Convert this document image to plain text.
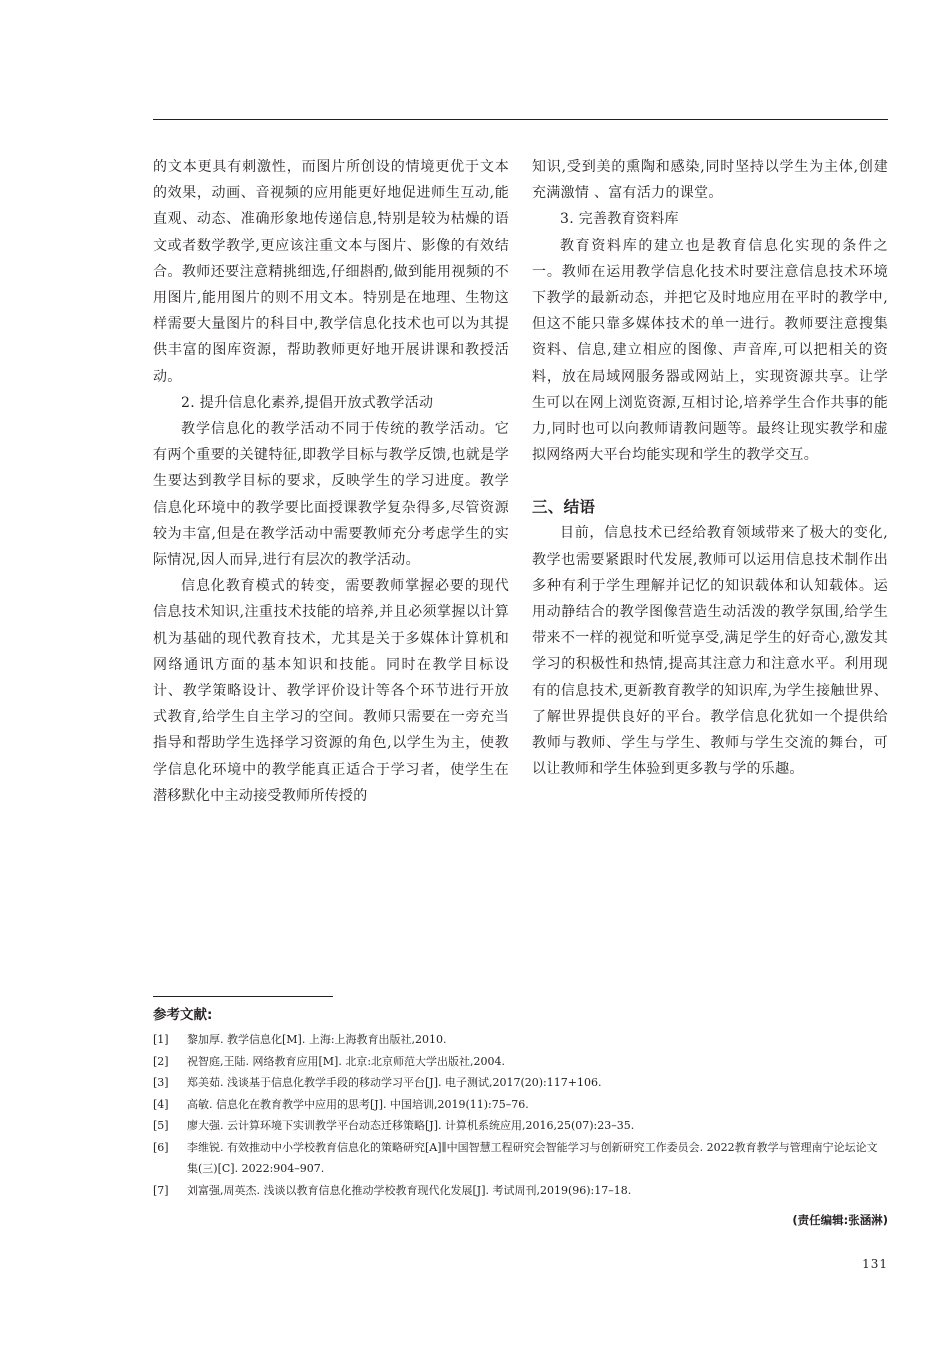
的文本更具有刺激性，而图片所创设的情境更优于文本的效果，动画、音视频的应用能更好地促进师生互动,能直观、动态、准确形象地传递信息,特别是较为枯燥的语文或者数学教学,更应该注重文本与图片、影像的有效结合。教师还要注意精挑细选,仔细斟酌,做到能用视频的不用图片,能用图片的则不用文本。特别是在地理、生物这样需要大量图片的科目中,教学信息化技术也可以为其提供丰富的图库资源，帮助教师更好地开展讲课和教授活动。

2. 提升信息化素养,提倡开放式教学活动

教学信息化的教学活动不同于传统的教学活动。它有两个重要的关键特征,即教学目标与教学反馈,也就是学生要达到教学目标的要求，反映学生的学习进度。教学信息化环境中的教学要比面授课教学复杂得多,尽管资源较为丰富,但是在教学活动中需要教师充分考虑学生的实际情况,因人而异,进行有层次的教学活动。

信息化教育模式的转变，需要教师掌握必要的现代信息技术知识,注重技术技能的培养,并且必须掌握以计算机为基础的现代教育技术，尤其是关于多媒体计算机和网络通讯方面的基本知识和技能。同时在教学目标设计、教学策略设计、教学评价设计等各个环节进行开放式教育,给学生自主学习的空间。教师只需要在一旁充当指导和帮助学生选择学习资源的角色,以学生为主，使教学信息化环境中的教学能真正适合于学习者，使学生在潜移默化中主动接受教师所传授的

知识,受到美的熏陶和感染,同时坚持以学生为主体,创建充满激情 、富有活力的课堂。

3. 完善教育资料库

教育资料库的建立也是教育信息化实现的条件之一。教师在运用教学信息化技术时要注意信息技术环境下教学的最新动态，并把它及时地应用在平时的教学中,但这不能只靠多媒体技术的单一进行。教师要注意搜集资料、信息,建立相应的图像、声音库,可以把相关的资料，放在局域网服务器或网站上，实现资源共享。让学生可以在网上浏览资源,互相讨论,培养学生合作共事的能力,同时也可以向教师请教问题等。最终让现实教学和虚拟网络两大平台均能实现和学生的教学交互。

三、结语

目前，信息技术已经给教育领域带来了极大的变化,教学也需要紧跟时代发展,教师可以运用信息技术制作出多种有利于学生理解并记忆的知识载体和认知载体。运用动静结合的教学图像营造生动活泼的教学氛围,给学生带来不一样的视觉和听觉享受,满足学生的好奇心,激发其学习的积极性和热情,提高其注意力和注意水平。利用现有的信息技术,更新教育教学的知识库,为学生接触世界、了解世界提供良好的平台。教学信息化犹如一个提供给教师与教师、学生与学生、教师与学生交流的舞台，可以让教师和学生体验到更多教与学的乐趣。

参考文献:
[1]	黎加厚. 教学信息化[M]. 上海:上海教育出版社,2010.
[2]	祝智庭,王陆. 网络教育应用[M]. 北京:北京师范大学出版社,2004.
[3]	郑美茹. 浅谈基于信息化教学手段的移动学习平台[J]. 电子测试,2017(20):117+106.
[4]	高敏. 信息化在教育教学中应用的思考[J]. 中国培训,2019(11):75–76.
[5]	廖大强. 云计算环境下实训教学平台动态迁移策略[J]. 计算机系统应用,2016,25(07):23–35.
[6]	李维锐. 有效推动中小学校教育信息化的策略研究[A]∥中国智慧工程研究会智能学习与创新研究工作委员会. 2022教育教学与管理南宁论坛论文集(三)[C]. 2022:904–907.
[7]	刘富强,周英杰. 浅谈以教育信息化推动学校教育现代化发展[J]. 考试周刊,2019(96):17–18.
(责任编辑:张涵淋)
131
